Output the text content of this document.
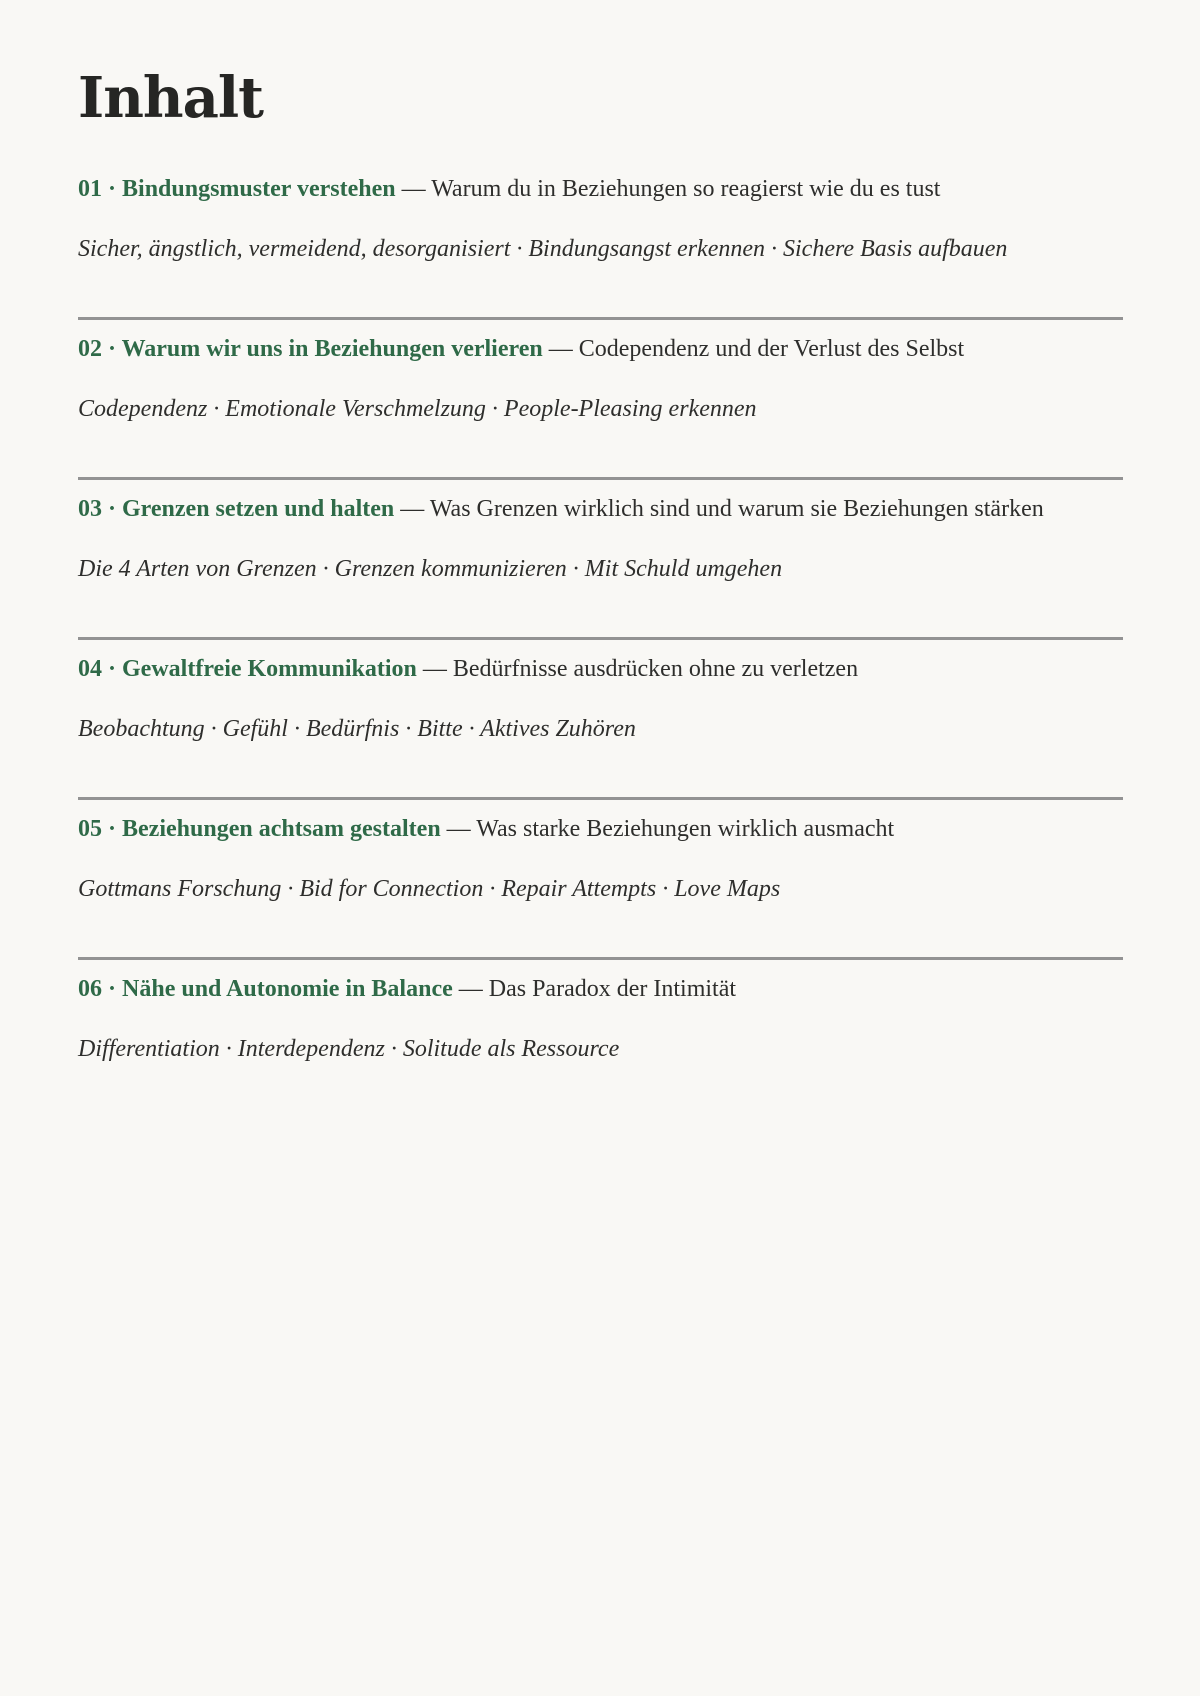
Inhalt
01 · Bindungsmuster verstehen — Warum du in Beziehungen so reagierst wie du es tust
Sicher, ängstlich, vermeidend, desorganisiert · Bindungsangst erkennen · Sichere Basis aufbauen
02 · Warum wir uns in Beziehungen verlieren — Codependenz und der Verlust des Selbst
Codependenz · Emotionale Verschmelzung · People-Pleasing erkennen
03 · Grenzen setzen und halten — Was Grenzen wirklich sind und warum sie Beziehungen stärken
Die 4 Arten von Grenzen · Grenzen kommunizieren · Mit Schuld umgehen
04 · Gewaltfreie Kommunikation — Bedürfnisse ausdrücken ohne zu verletzen
Beobachtung · Gefühl · Bedürfnis · Bitte · Aktives Zuhören
05 · Beziehungen achtsam gestalten — Was starke Beziehungen wirklich ausmacht
Gottmans Forschung · Bid for Connection · Repair Attempts · Love Maps
06 · Nähe und Autonomie in Balance — Das Paradox der Intimität
Differentiation · Interdependenz · Solitude als Ressource
